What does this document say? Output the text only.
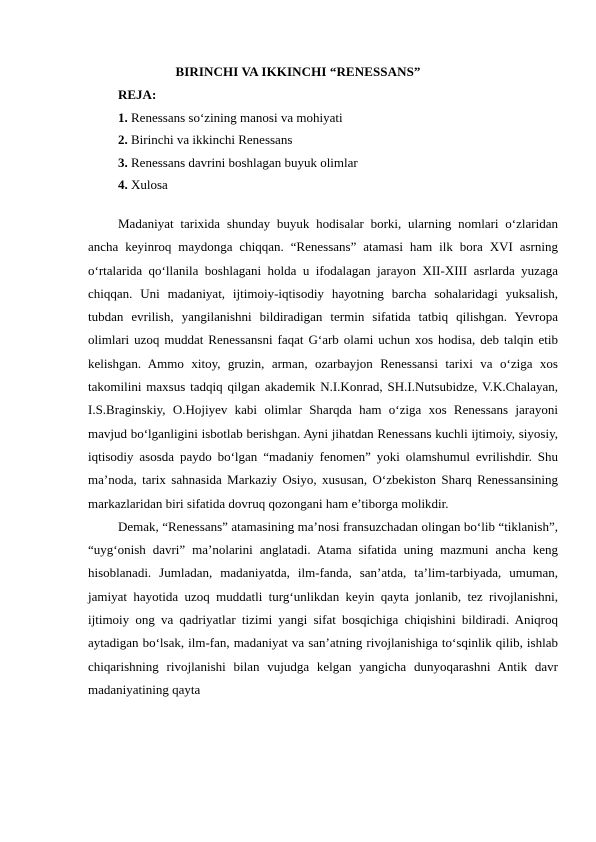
BIRINCHI VA IKKINCHI “RENESSANS”
REJA:
1. Renessans so‘zining manosi va mohiyati
2. Birinchi va ikkinchi Renessans
3. Renessans davrini boshlagan buyuk olimlar
4. Xulosa

Madaniyat tarixida shunday buyuk hodisalar borki, ularning nomlari o‘zlaridan ancha keyinroq maydonga chiqqan. “Renessans” atamasi ham ilk bora XVI asrning o‘rtalarida qo‘llanila boshlagani holda u ifodalagan jarayon XII-XIII asrlarda yuzaga chiqqan. Uni madaniyat, ijtimoiy-iqtisodiy hayotning barcha sohalaridagi yuksalish, tubdan evrilish, yangilanishni bildiradigan termin sifatida tatbiq qilishgan. Yevropa olimlari uzoq muddat Renessansni faqat G‘arb olami uchun xos hodisa, deb talqin etib kelishgan. Ammo xitoy, gruzin, arman, ozarbayjon Renessansi tarixi va o‘ziga xos takomilini maxsus tadqiq qilgan akademik N.I.Konrad, SH.I.Nutsubidze, V.K.Chalayan, I.S.Braginskiy, O.Hojiyev kabi olimlar Sharqda ham o‘ziga xos Renessans jarayoni mavjud bo‘lganligini isbotlab berishgan. Ayni jihatdan Renessans kuchli ijtimoiy, siyosiy, iqtisodiy asosda paydo bo‘lgan “madaniy fenomen” yoki olamshumul evrilishdir. Shu ma’noda, tarix sahnasida Markaziy Osiyo, xususan, O‘zbekiston Sharq Renessansining markazlaridan biri sifatida dovruq qozongani ham e’tiborga molikdir.

Demak, “Renessans” atamasining ma’nosi fransuzchadan olingan bo‘lib “tiklanish”, “uyg‘onish davri” ma’nolarini anglatadi. Atama sifatida uning mazmuni ancha keng hisoblanadi. Jumladan, madaniyatda, ilm-fanda, san’atda, ta’lim-tarbiyada, umuman, jamiyat hayotida uzoq muddatli turg‘unlikdan keyin qayta jonlanib, tez rivojlanishni, ijtimoiy ong va qadriyatlar tizimi yangi sifat bosqichiga chiqishini bildiradi. Aniqroq aytadigan bo‘lsak, ilm-fan, madaniyat va san’atning rivojlanishiga to‘sqinlik qilib, ishlab chiqarishning rivojlanishi bilan vujudga kelgan yangicha dunyoqarashni Antik davr madaniyatining qayta
